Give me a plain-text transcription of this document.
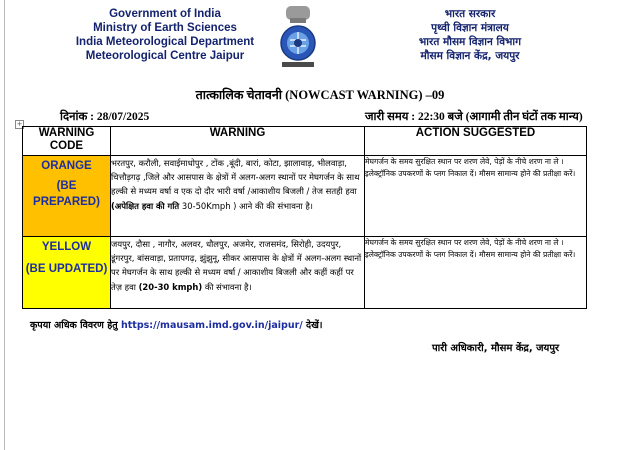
Government of India
Ministry of Earth Sciences
India Meteorological Department
Meteorological Centre Jaipur
भारत सरकार
पृथ्वी विज्ञान मंत्रालय
भारत मौसम विज्ञान विभाग
मौसम विज्ञान केंद्र, जयपुर
तात्कालिक चेतावनी (NOWCAST WARNING) –09
दिनांक : 28/07/2025	जारी समय : 22:30 बजे (आगामी तीन घंटों तक मान्य)
+
WARNING CODE	WARNING	ACTION SUGGESTED

ORANGE
(BE PREPARED)	भरतपुर, करौली, सवाईमाधोपुर , टोंक ,बूंदी, बारां, कोटा, झालावाड़, भीलवाड़ा, चित्तौड़गढ़ ,जिले और आसपास के क्षेत्रों में अलग-अलग स्थानों पर मेघगर्जन के साथ हल्की से मध्यम वर्षा व एक दो दौर भारी वर्षा /आकाशीय बिजली / तेज सतही हवा (अपेक्षित हवा की गति 30-50Kmph ) आने की की संभावना है।	मेघगर्जन के समय सुरक्षित स्थान पर शरण लेवे, पेड़ों के नीचे शरण ना ले । इलेक्ट्रॉनिक उपकरणों के प्लग निकाल दें। मौसम सामान्य होने की प्रतीक्षा करें।

YELLOW
(BE UPDATED)	जयपुर, दौसा , नागौर, अलवर, धौलपुर, अजमेर, राजसमंद, सिरोही, उदयपुर, डूंगरपुर, बांसवाड़ा, प्रतापगढ़, झुंझुनू, सीकर आसपास के क्षेत्रों में अलग-अलग स्थानों पर मेघगर्जन के साथ हल्की से मध्यम वर्षा / आकाशीय बिजली और कहीं कहीं पर तेज़ हवा (20-30 kmph) की संभावना है।	मेघगर्जन के समय सुरक्षित स्थान पर शरण लेवे, पेड़ों के नीचे शरण ना ले । इलेक्ट्रॉनिक उपकरणों के प्लग निकाल दें। मौसम सामान्य होने की प्रतीक्षा करें।
कृपया अधिक विवरण हेतु https://mausam.imd.gov.in/jaipur/ देखें।
पारी अधिकारी, मौसम केंद्र, जयपुर
